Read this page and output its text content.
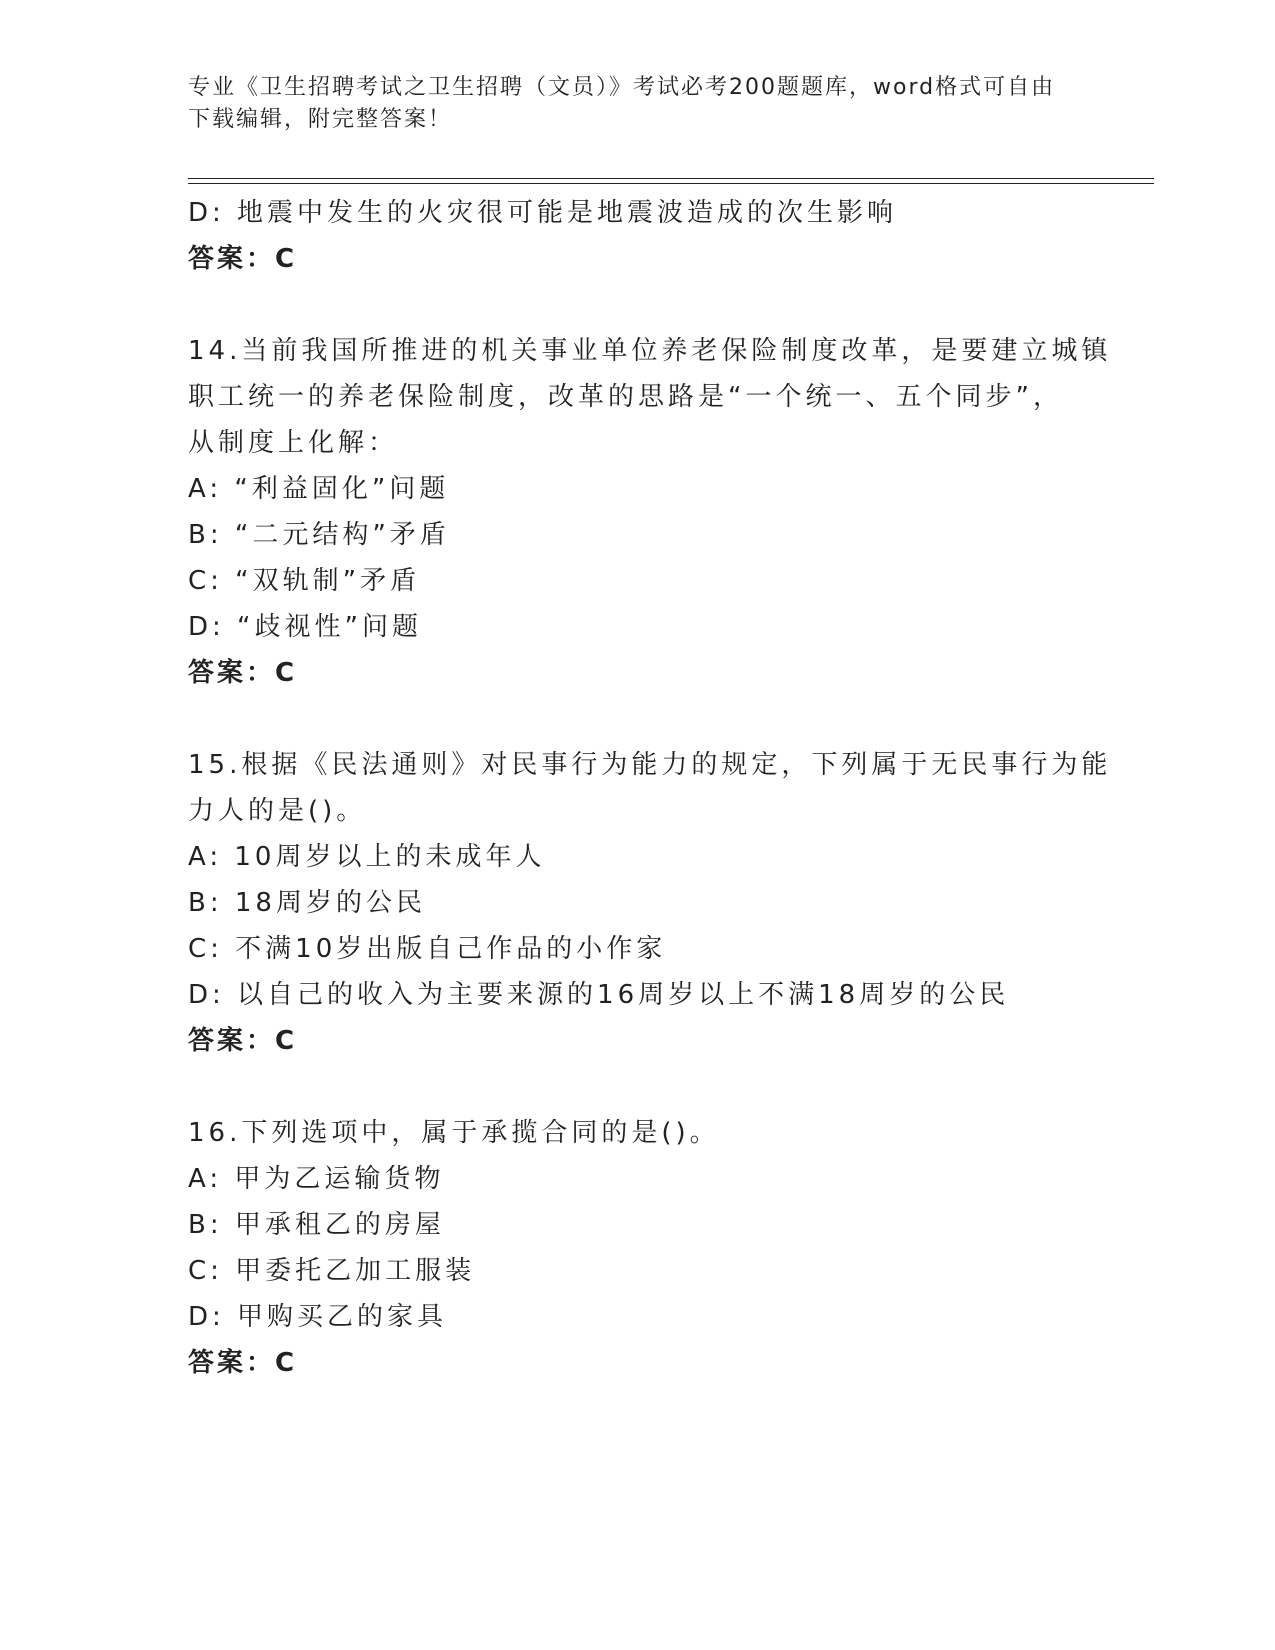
专业《卫生招聘考试之卫生招聘（文员）》考试必考200题题库，word格式可自由下载编辑，附完整答案！
D: 地震中发生的火灾很可能是地震波造成的次生影响
答案：C
14.当前我国所推进的机关事业单位养老保险制度改革，是要建立城镇
职工统一的养老保险制度，改革的思路是“一个统一、五个同步”，
从制度上化解：
A: “利益固化”问题
B: “二元结构”矛盾
C: “双轨制”矛盾
D: “歧视性”问题
答案：C
15.根据《民法通则》对民事行为能力的规定，下列属于无民事行为能
力人的是()。
A: 10周岁以上的未成年人
B: 18周岁的公民
C: 不满10岁出版自己作品的小作家
D: 以自己的收入为主要来源的16周岁以上不满18周岁的公民
答案：C
16.下列选项中，属于承揽合同的是()。
A: 甲为乙运输货物
B: 甲承租乙的房屋
C: 甲委托乙加工服装
D: 甲购买乙的家具
答案：C
